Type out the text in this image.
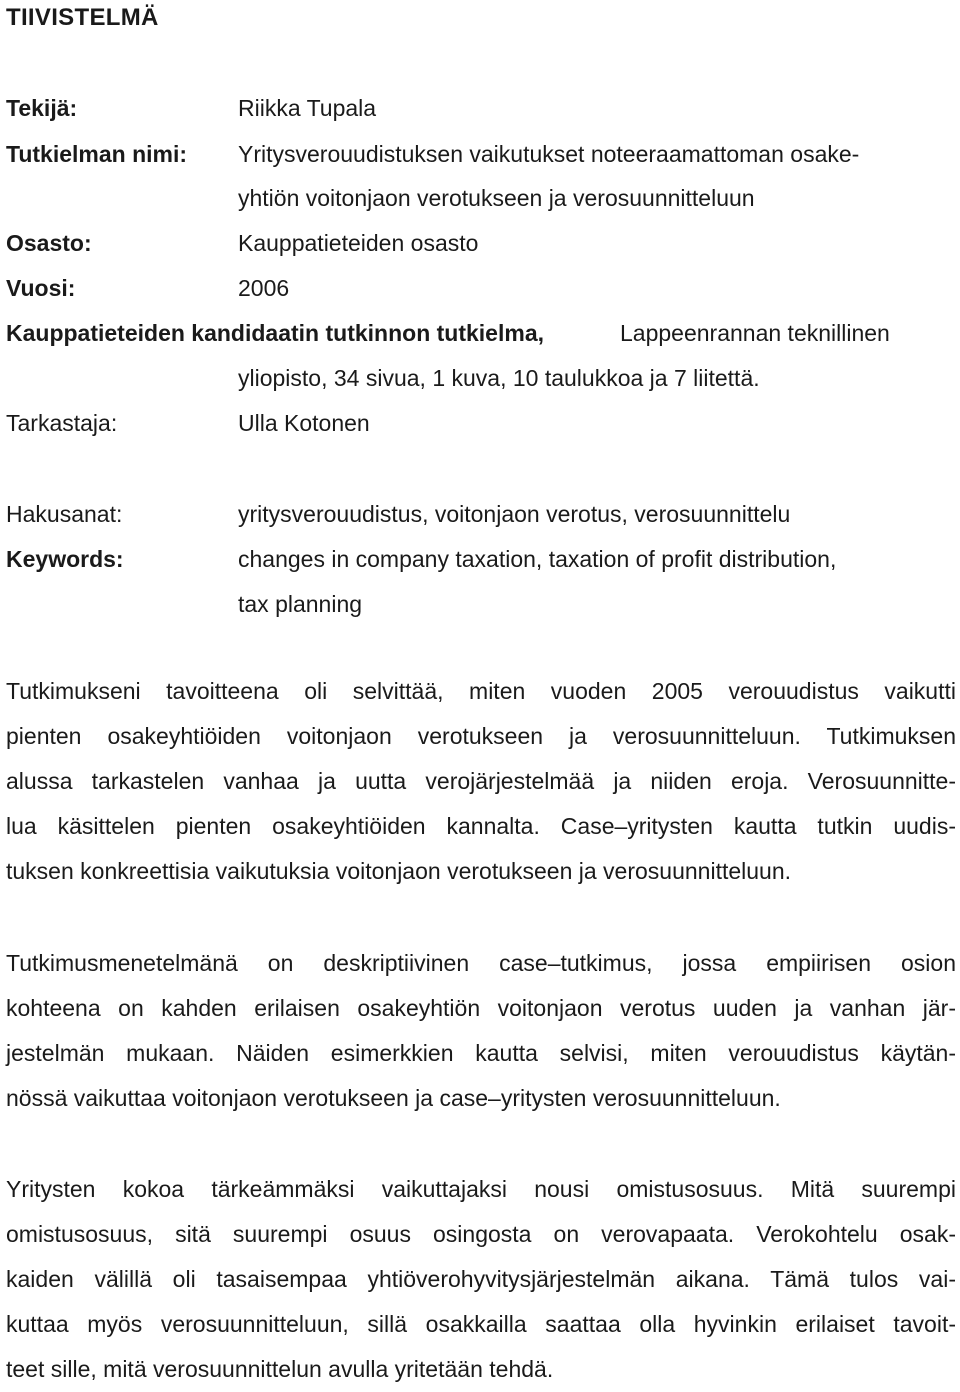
TIIVISTELMÄ
Tekijä:	Riikka Tupala
Tutkielman nimi: Yritysverouudistuksen vaikutukset noteeraamattoman osake-
yhtiön voitonjaon verotukseen ja verosuunnitteluun
Osasto:	Kauppatieteiden osasto
Vuosi:	2006
Kauppatieteiden kandidaatin tutkinnon tutkielma,	Lappeenrannan teknillinen
yliopisto, 34 sivua, 1 kuva, 10 taulukkoa ja 7 liitettä.
Tarkastaja:	Ulla Kotonen
Hakusanat:	yritysverouudistus, voitonjaon verotus, verosuunnittelu
Keywords:	changes in company taxation, taxation of profit distribution,
tax planning
Tutkimukseni tavoitteena oli selvittää, miten vuoden 2005 verouudistus vaikutti
pienten osakeyhtiöiden voitonjaon verotukseen ja verosuunnitteluun. Tutkimuksen
alussa tarkastelen vanhaa ja uutta verojärjestelmää ja niiden eroja. Verosuunnitte-
lua käsittelen pienten osakeyhtiöiden kannalta. Case–yritysten kautta tutkin uudis-
tuksen konkreettisia vaikutuksia voitonjaon verotukseen ja verosuunnitteluun.
Tutkimusmenetelmänä on deskriptiivinen case–tutkimus, jossa empiirisen osion
kohteena on kahden erilaisen osakeyhtiön voitonjaon verotus uuden ja vanhan jär-
jestelmän mukaan. Näiden esimerkkien kautta selvisi, miten verouudistus käytän-
nössä vaikuttaa voitonjaon verotukseen ja case–yritysten verosuunnitteluun.
Yritysten kokoa tärkeämmäksi vaikuttajaksi nousi omistusosuus. Mitä suurempi
omistusosuus, sitä suurempi osuus osingosta on verovapaata. Verokohtelu osak-
kaiden välillä oli tasaisempaa yhtiöverohyvitysjärjestelmän aikana. Tämä tulos vai-
kuttaa myös verosuunnitteluun, sillä osakkailla saattaa olla hyvinkin erilaiset tavoit-
teet sille, mitä verosuunnittelun avulla yritetään tehdä.
